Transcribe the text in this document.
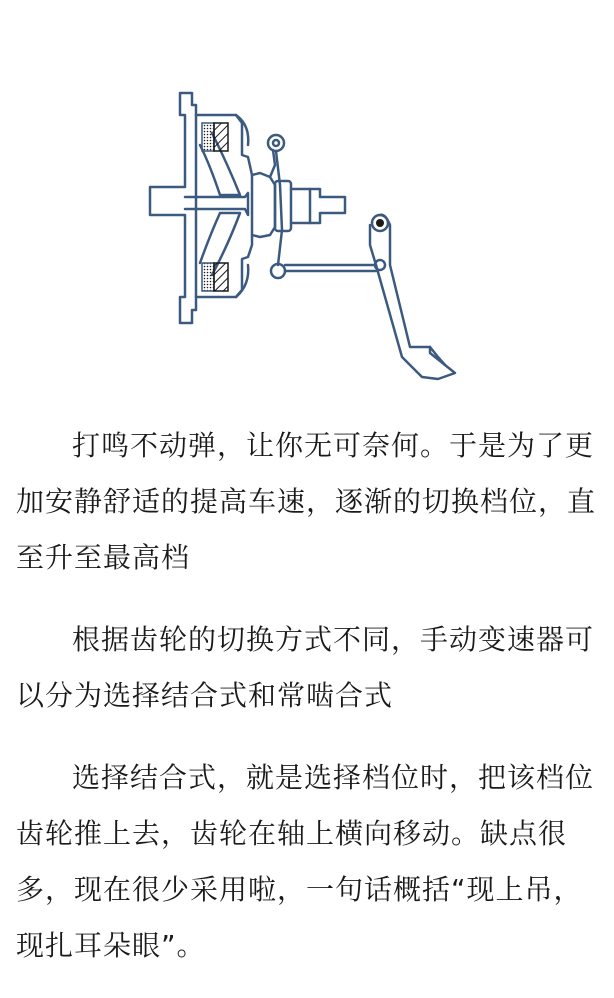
打鸣不动弹，让你无可奈何。于是为了更加安静舒适的提高车速，逐渐的切换档位，直至升至最高档

根据齿轮的切换方式不同，手动变速器可以分为选择结合式和常啮合式

选择结合式，就是选择档位时，把该档位齿轮推上去，齿轮在轴上横向移动。缺点很多，现在很少采用啦，一句话概括“现上吊，现扎耳朵眼”。
